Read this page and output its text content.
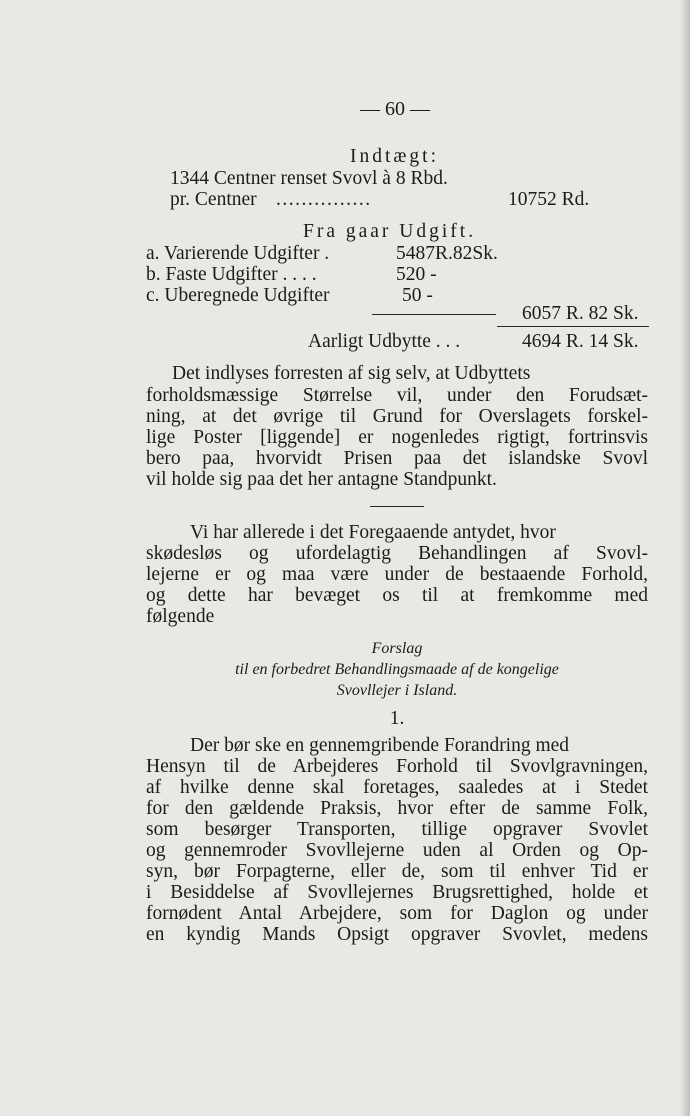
— 60 —
Indtægt:
1344 Centner renset Svovl à 8 Rbd.
pr. Centner ...............	10752 Rd.
Fra gaar Udgift.
a. Varierende Udgifter .	5487R.82Sk.
b. Faste Udgifter . . . .	520 -
c. Uberegnede Udgifter	50 -
6057 R. 82 Sk.
Aarligt Udbytte . . .	4694 R. 14 Sk.
Det indlyses forresten af sig selv, at Udbyttets
forholdsmæssige Størrelse vil, under den Forudsæt-
ning, at det øvrige til Grund for Overslagets forskel-
lige Poster [liggende] er nogenledes rigtigt, fortrinsvis
bero paa, hvorvidt Prisen paa det islandske Svovl
vil holde sig paa det her antagne Standpunkt.
Vi har allerede i det Foregaaende antydet, hvor
skødesløs og ufordelagtig Behandlingen af Svovl-
lejerne er og maa være under de bestaaende Forhold,
og dette har bevæget os til at fremkomme med
følgende
Forslag
til en forbedret Behandlingsmaade af de kongelige
Svovllejer i Island.
1.
Der bør ske en gennemgribende Forandring med
Hensyn til de Arbejderes Forhold til Svovlgravningen,
af hvilke denne skal foretages, saaledes at i Stedet
for den gældende Praksis, hvor efter de samme Folk,
som besørger Transporten, tillige opgraver Svovlet
og gennemroder Svovllejerne uden al Orden og Op-
syn, bør Forpagterne, eller de, som til enhver Tid er
i Besiddelse af Svovllejernes Brugsrettighed, holde et
fornødent Antal Arbejdere, som for Daglon og under
en kyndig Mands Opsigt opgraver Svovlet, medens
